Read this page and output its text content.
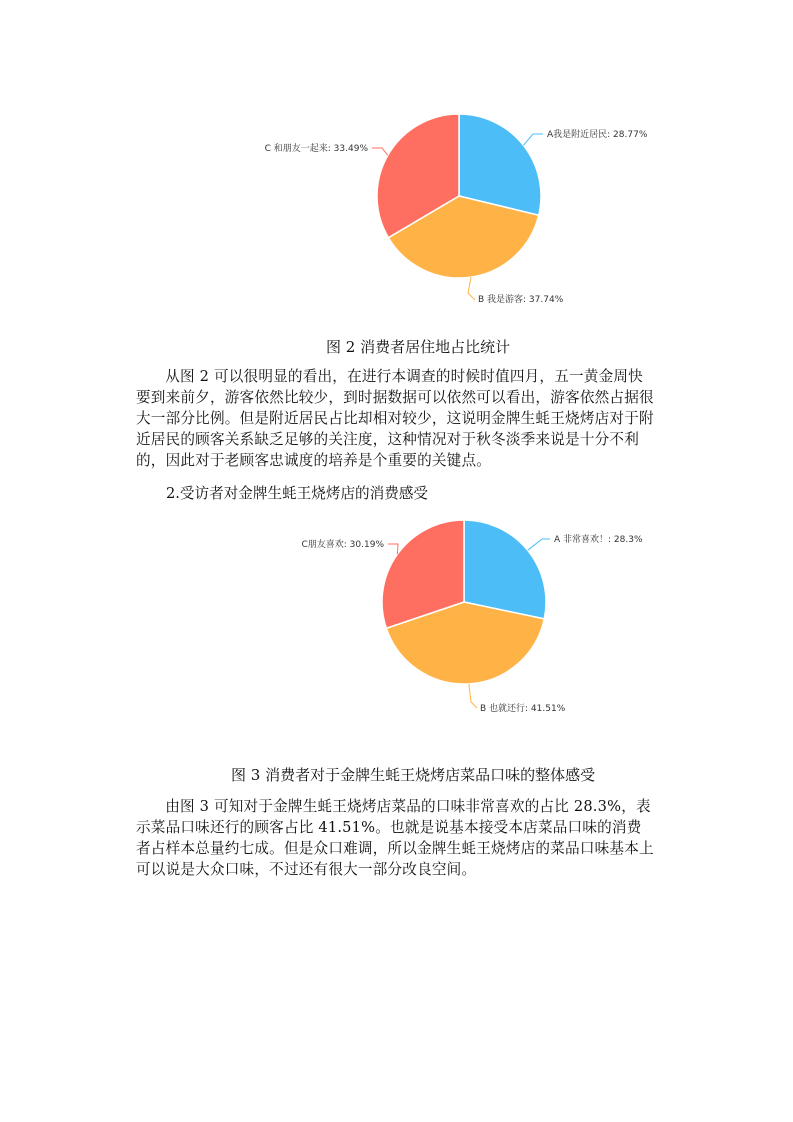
A我是附近居民: 28.77%
B 我是游客: 37.74%
C 和朋友一起来: 33.49%
图 2 消费者居住地占比统计

从图 2 可以很明显的看出，在进行本调查的时候时值四月，五一黄金周快要到来前夕，游客依然比较少，到时据数据可以依然可以看出，游客依然占据很大一部分比例。但是附近居民占比却相对较少，这说明金牌生蚝王烧烤店对于附近居民的顾客关系缺乏足够的关注度，这种情况对于秋冬淡季来说是十分不利的，因此对于老顾客忠诚度的培养是个重要的关键点。

2.受访者对金牌生蚝王烧烤店的消费感受
A 非常喜欢！: 28.3%
B 也就还行: 41.51%
C朋友喜欢: 30.19%
图 3 消费者对于金牌生蚝王烧烤店菜品口味的整体感受

由图 3 可知对于金牌生蚝王烧烤店菜品的口味非常喜欢的占比 28.3%，表示菜品口味还行的顾客占比 41.51%。也就是说基本接受本店菜品口味的消费者占样本总量约七成。但是众口难调，所以金牌生蚝王烧烤店的菜品口味基本上可以说是大众口味，不过还有很大一部分改良空间。
